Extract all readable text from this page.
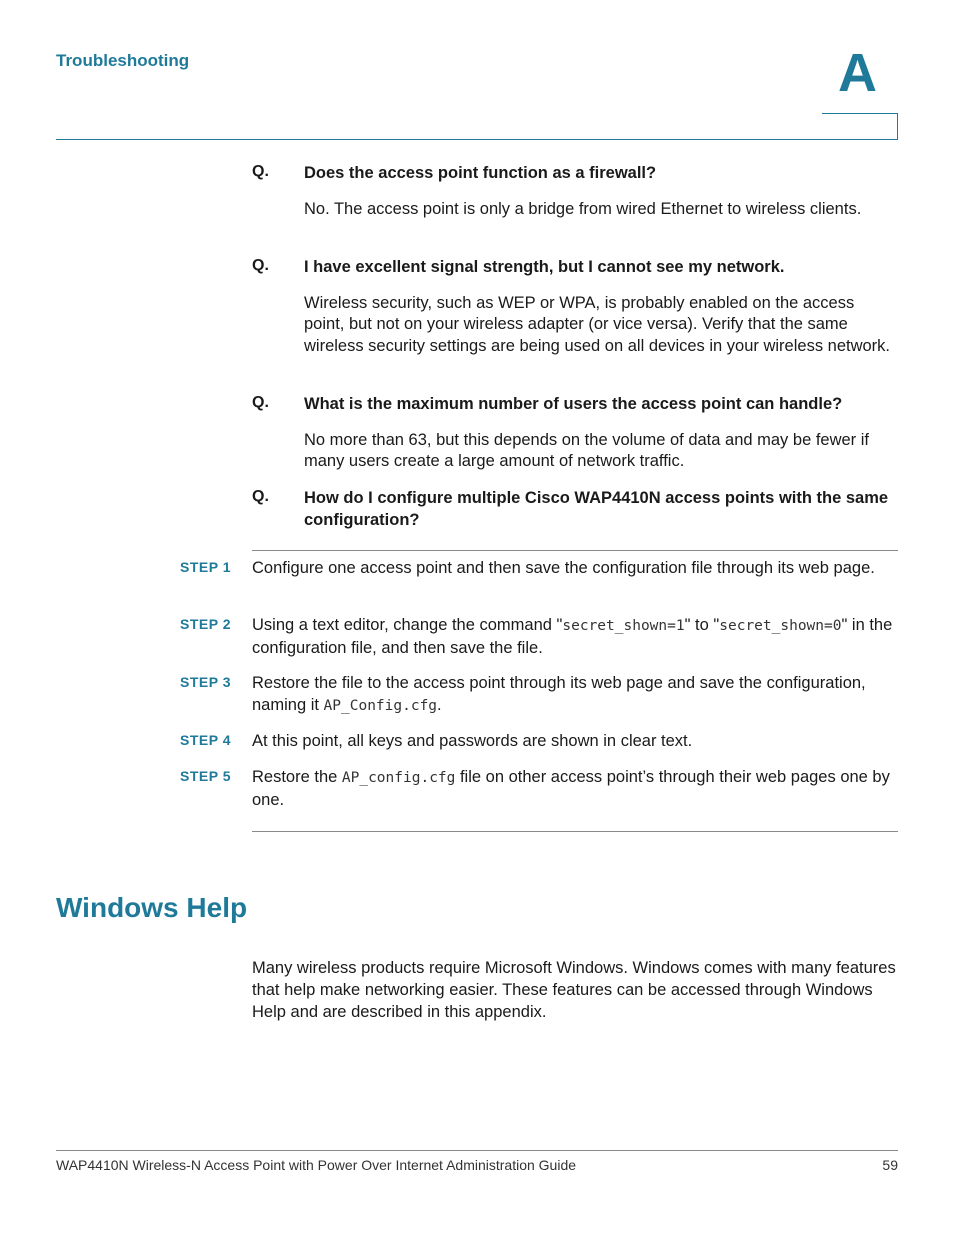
Troubleshooting	A
Q. Does the access point function as a firewall?
No. The access point is only a bridge from wired Ethernet to wireless clients.
Q. I have excellent signal strength, but I cannot see my network.
Wireless security, such as WEP or WPA, is probably enabled on the access point, but not on your wireless adapter (or vice versa). Verify that the same wireless security settings are being used on all devices in your wireless network.
Q. What is the maximum number of users the access point can handle?
No more than 63, but this depends on the volume of data and may be fewer if many users create a large amount of network traffic.
Q. How do I configure multiple Cisco WAP4410N access points with the same configuration?
STEP 1	Configure one access point and then save the configuration file through its web page.
STEP 2	Using a text editor, change the command "secret_shown=1" to "secret_shown=0" in the configuration file, and then save the file.
STEP 3	Restore the file to the access point through its web page and save the configuration, naming it AP_Config.cfg.
STEP 4	At this point, all keys and passwords are shown in clear text.
STEP 5	Restore the AP_config.cfg file on other access point’s through their web pages one by one.
Windows Help
Many wireless products require Microsoft Windows. Windows comes with many features that help make networking easier. These features can be accessed through Windows Help and are described in this appendix.
WAP4410N Wireless-N Access Point with Power Over Internet Administration Guide	59
